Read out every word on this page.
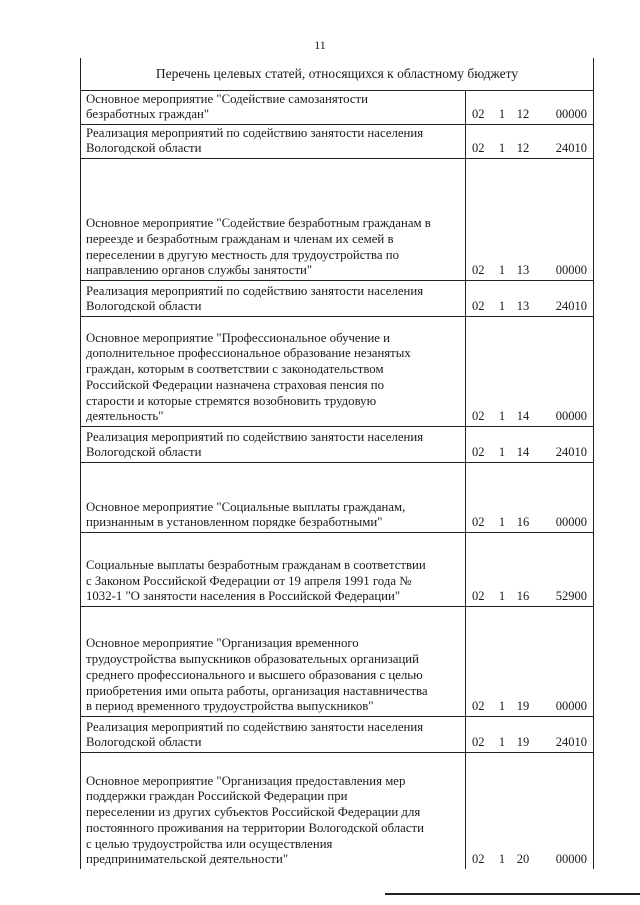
11
Перечень целевых статей, относящихся к областному бюджету
Основное мероприятие "Содействие самозанятости
безработных граждан"	02	1 12	00000
Реализация мероприятий по содействию занятости населения
Вологодской области	02	1 12	24010
Основное мероприятие "Содействие безработным гражданам в
переезде и безработным гражданам и членам их семей в
переселении в другую местность для трудоустройства по
направлению органов службы занятости"	02	1 13	00000
Реализация мероприятий по содействию занятости населения
Вологодской области	02	1 13	24010
Основное мероприятие "Профессиональное обучение и
дополнительное профессиональное образование незанятых
граждан, которым в соответствии с законодательством
Российской Федерации назначена страховая пенсия по
старости и которые стремятся возобновить трудовую
деятельность"	02	1 14	00000
Реализация мероприятий по содействию занятости населения
Вологодской области	02	1 14	24010
Основное мероприятие "Социальные выплаты гражданам,
признанным в установленном порядке безработными"	02	1 16	00000
Социальные выплаты безработным гражданам в соответствии
с Законом Российской Федерации от 19 апреля 1991 года №
1032-1 "О занятости населения в Российской Федерации"	02	1 16	52900
Основное мероприятие "Организация временного
трудоустройства выпускников образовательных организаций
среднего профессионального и высшего образования с целью
приобретения ими опыта работы, организация наставничества
в период временного трудоустройства выпускников"	02	1 19	00000
Реализация мероприятий по содействию занятости населения
Вологодской области	02	1 19	24010
Основное мероприятие "Организация предоставления мер
поддержки граждан Российской Федерации при
переселении из других субъектов Российской Федерации для
постоянного проживания на территории Вологодской области
с целью трудоустройства или осуществления
предпринимательской деятельности"	02	1 20	00000
